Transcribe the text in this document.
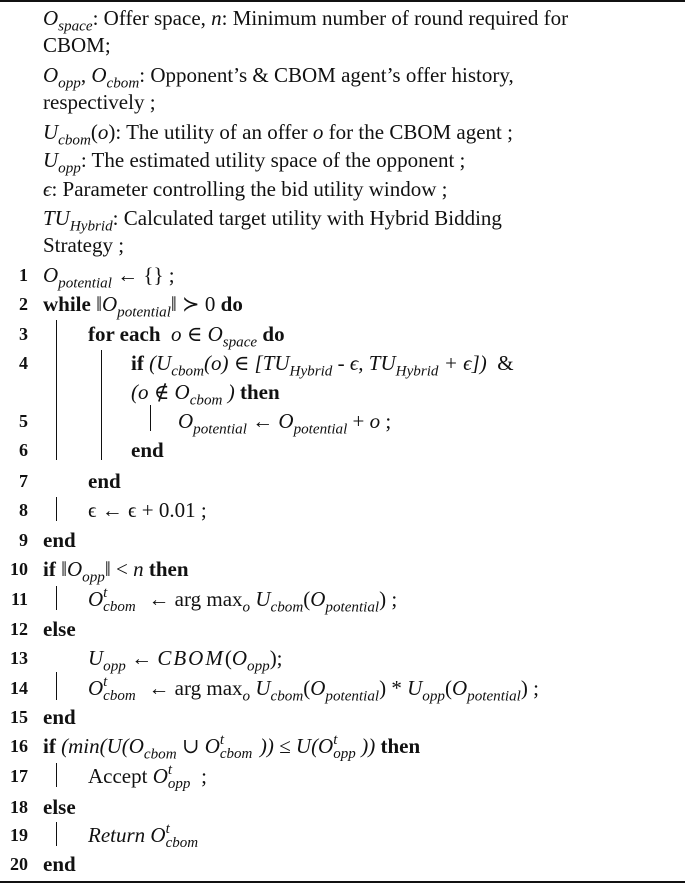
$O_{space}$: Offer space, n: Minimum number of round required for
CBOM;
$O_{opp}$, $O_{cbom}$: Opponent’s & CBOM agent’s offer history,
respectively ;
$U_{cbom}(o)$: The utility of an offer o for the CBOM agent ;
$U_{opp}$: The estimated utility space of the opponent ;
ϵ: Parameter controlling the bid utility window ;
$TU_{Hybrid}$: Calculated target utility with Hybrid Bidding
Strategy ;
1
2
3
4
5
6
7
8
9
10
11
12
13
14
15
16
17
18
19
20
$O_{potential}$ ← {} ;
while $‖O_{potential}‖$ ≻ 0 do
for each o ∈ $O_{space}$ do
if ($U_{cbom}(o)$ ∈ [$TU_{Hybrid}$ - ϵ, $TU_{Hybrid} + \epsilon$])  &
(o ∉ $O_{cbom}$ ) then
$O_{potential}$ ← $O_{potential} + o$ ;
end
end
ϵ ← ϵ + 0.01 ;
end
if $‖O_{opp}‖ < n$ then
O t
cbom ← arg $\max_o U_{cbom}(O_{potential})$ ;
else
$U_{opp}$ ← $CBOM(O_{opp})$;
O t
cbom ← arg $\max_o U_{cbom}(O_{potential}) * U_{opp}(O_{potential})$ ;
end
if ($\min(U(O_{cbom}$ ∪ O t
cbom )) ≤ U(O t
opp )) then
Accept O t
opp ;
else
Return O t
cbom
end
